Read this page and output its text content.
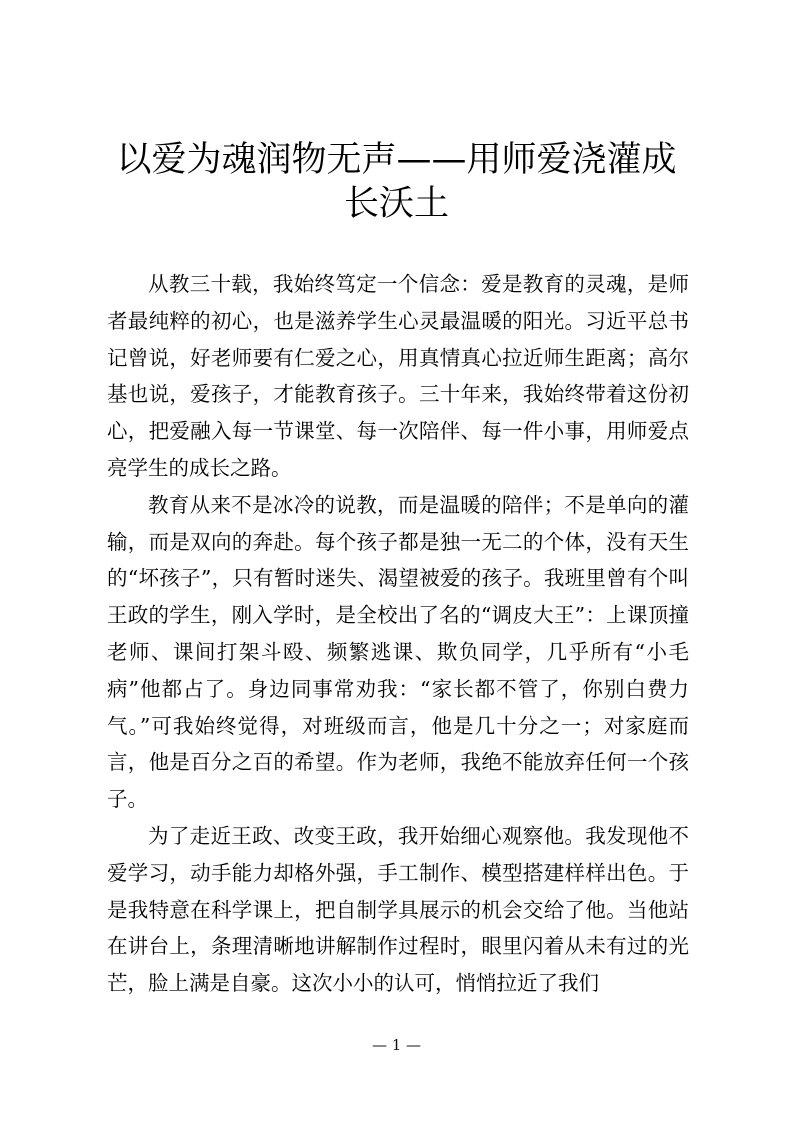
以爱为魂润物无声——用师爱浇灌成长沃土

从教三十载，我始终笃定一个信念：爱是教育的灵魂，是师者最纯粹的初心，也是滋养学生心灵最温暖的阳光。习近平总书记曾说，好老师要有仁爱之心，用真情真心拉近师生距离；高尔基也说，爱孩子，才能教育孩子。三十年来，我始终带着这份初心，把爱融入每一节课堂、每一次陪伴、每一件小事，用师爱点亮学生的成长之路。

教育从来不是冰冷的说教，而是温暖的陪伴；不是单向的灌输，而是双向的奔赴。每个孩子都是独一无二的个体，没有天生的“坏孩子”，只有暂时迷失、渴望被爱的孩子。我班里曾有个叫王政的学生，刚入学时，是全校出了名的“调皮大王”：上课顶撞老师、课间打架斗殴、频繁逃课、欺负同学，几乎所有“小毛病”他都占了。身边同事常劝我：“家长都不管了，你别白费力气。”可我始终觉得，对班级而言，他是几十分之一；对家庭而言，他是百分之百的希望。作为老师，我绝不能放弃任何一个孩子。

为了走近王政、改变王政，我开始细心观察他。我发现他不爱学习，动手能力却格外强，手工制作、模型搭建样样出色。于是我特意在科学课上，把自制学具展示的机会交给了他。当他站在讲台上，条理清晰地讲解制作过程时，眼里闪着从未有过的光芒，脸上满是自豪。这次小小的认可，悄悄拉近了我们

— 1 —
